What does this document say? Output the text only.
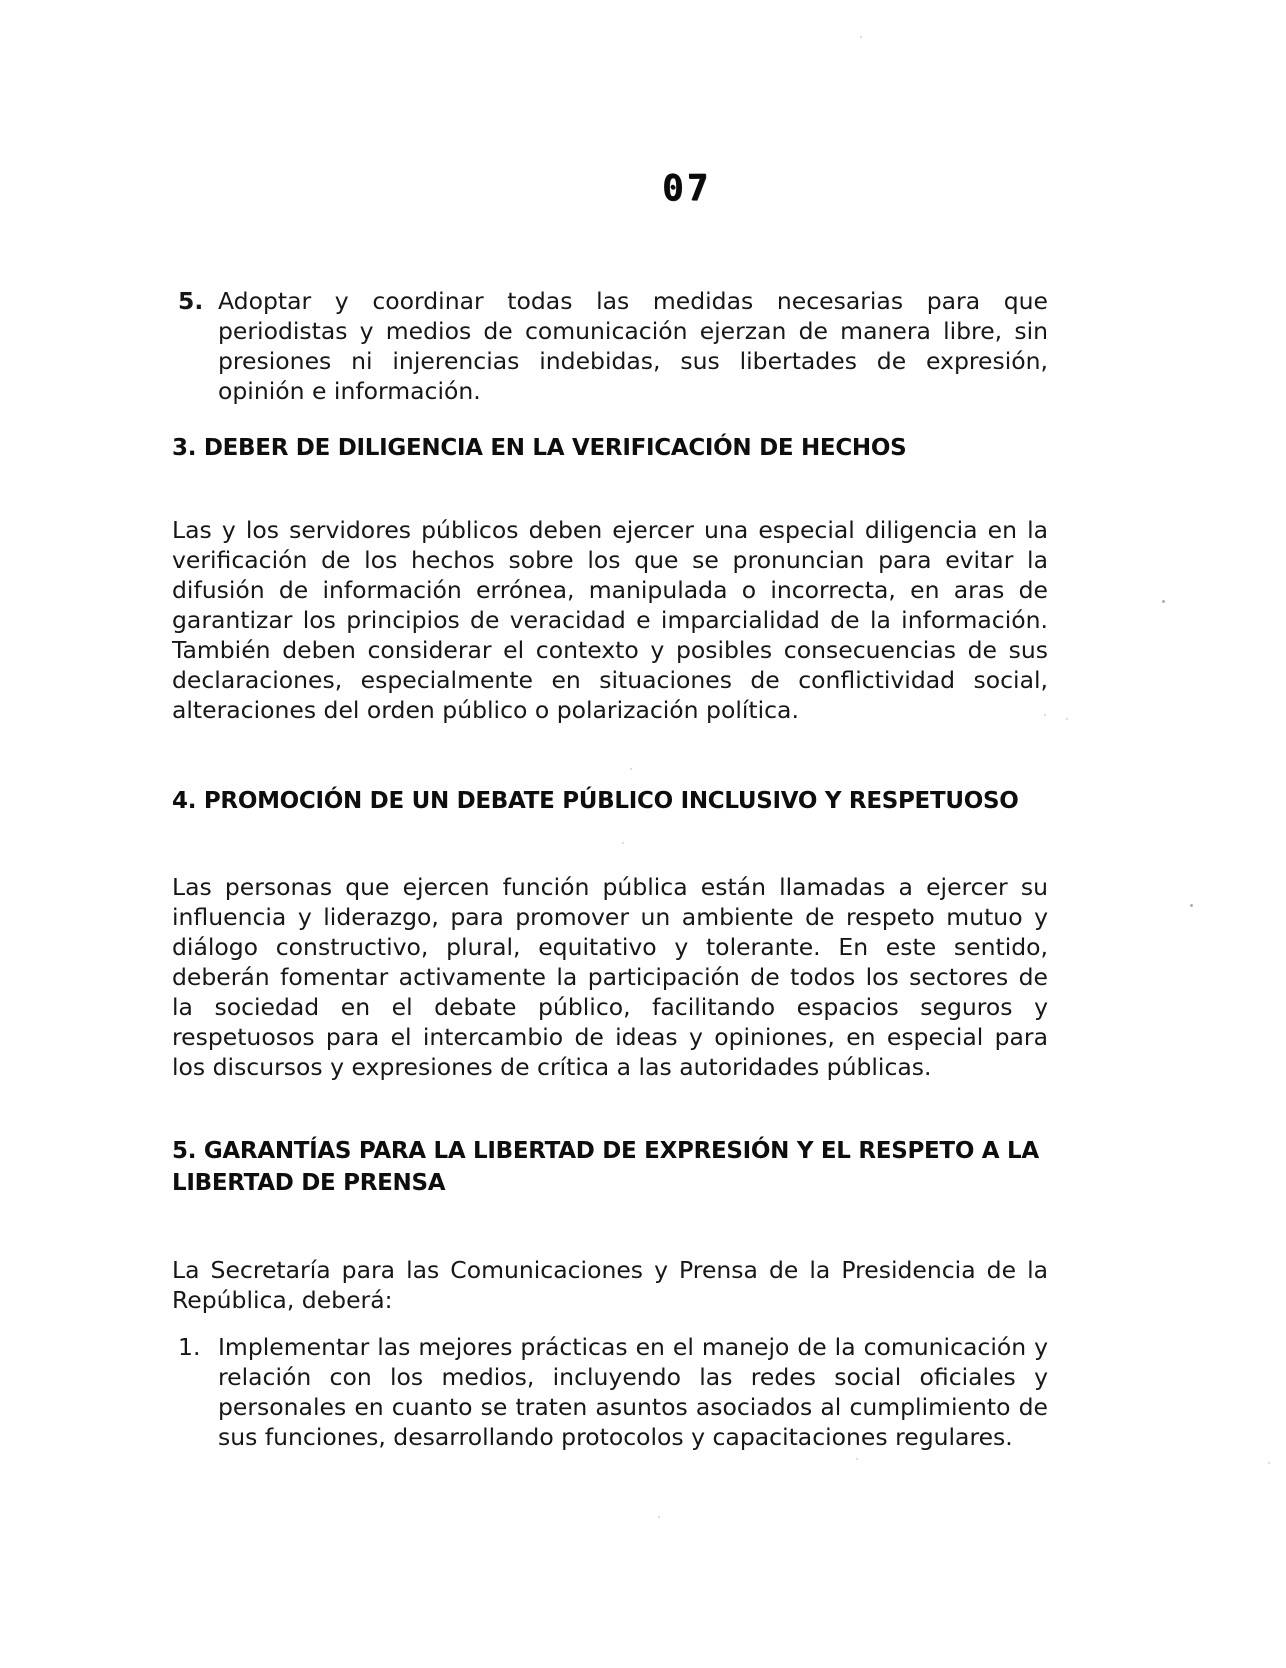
07
5. Adoptar y coordinar todas las medidas necesarias para que periodistas y medios de comunicación ejerzan de manera libre, sin presiones ni injerencias indebidas, sus libertades de expresión, opinión e información.
3. DEBER DE DILIGENCIA EN LA VERIFICACIÓN DE HECHOS
Las y los servidores públicos deben ejercer una especial diligencia en la verificación de los hechos sobre los que se pronuncian para evitar la difusión de información errónea, manipulada o incorrecta, en aras de garantizar los principios de veracidad e imparcialidad de la información. También deben considerar el contexto y posibles consecuencias de sus declaraciones, especialmente en situaciones de conflictividad social, alteraciones del orden público o polarización política.
4. PROMOCIÓN DE UN DEBATE PÚBLICO INCLUSIVO Y RESPETUOSO
Las personas que ejercen función pública están llamadas a ejercer su influencia y liderazgo, para promover un ambiente de respeto mutuo y diálogo constructivo, plural, equitativo y tolerante. En este sentido, deberán fomentar activamente la participación de todos los sectores de la sociedad en el debate público, facilitando espacios seguros y respetuosos para el intercambio de ideas y opiniones, en especial para los discursos y expresiones de crítica a las autoridades públicas.
5. GARANTÍAS PARA LA LIBERTAD DE EXPRESIÓN Y EL RESPETO A LA LIBERTAD DE PRENSA
La Secretaría para las Comunicaciones y Prensa de la Presidencia de la República, deberá:
1. Implementar las mejores prácticas en el manejo de la comunicación y relación con los medios, incluyendo las redes social oficiales y personales en cuanto se traten asuntos asociados al cumplimiento de sus funciones, desarrollando protocolos y capacitaciones regulares.
